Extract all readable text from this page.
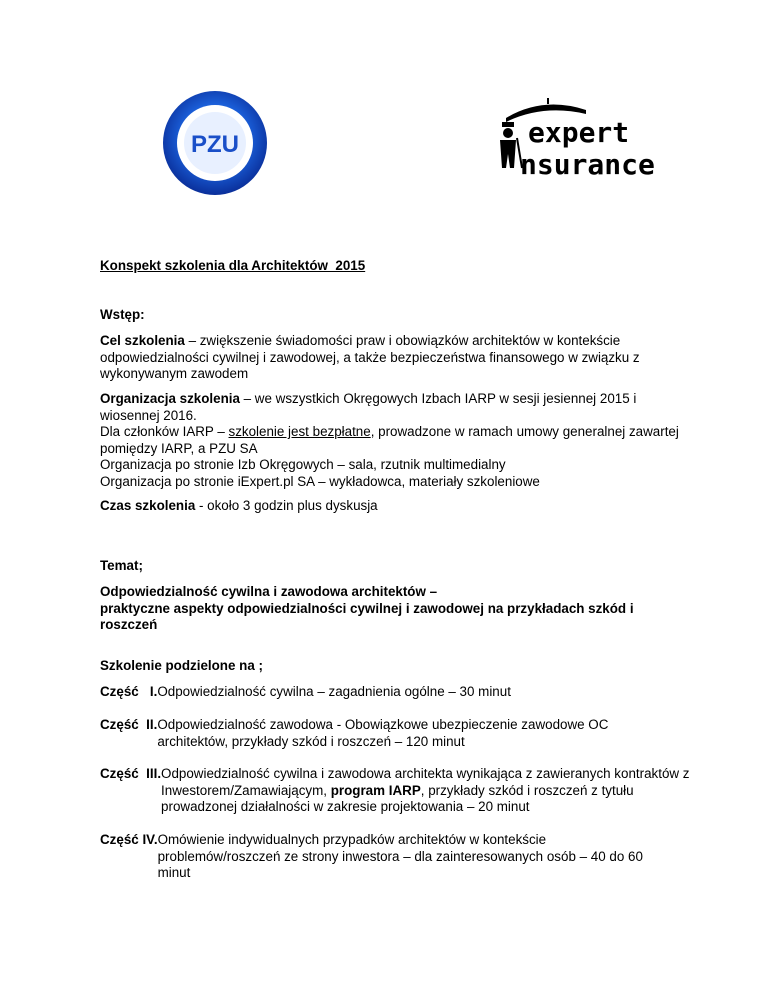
PZU	expert
nsurance
Konspekt szkolenia dla Architektów_2015
Wstęp:

Cel szkolenia – zwiększenie świadomości praw i obowiązków architektów w kontekście odpowiedzialności cywilnej i zawodowej, a także bezpieczeństwa finansowego w związku z wykonywanym zawodem

Organizacja szkolenia – we wszystkich Okręgowych Izbach IARP w sesji jesiennej 2015 i wiosennej 2016.

Dla członków IARP – szkolenie jest bezpłatne, prowadzone w ramach umowy generalnej zawartej pomiędzy IARP, a PZU SA

Organizacja po stronie Izb Okręgowych – sala, rzutnik multimedialny

Organizacja po stronie iExpert.pl SA – wykładowca, materiały szkoleniowe

Czas szkolenia - około 3 godzin plus dyskusja

Temat;

Odpowiedzialność cywilna i zawodowa architektów –

praktyczne aspekty odpowiedzialności cywilnej i zawodowej na przykładach szkód i roszczeń

Szkolenie podzielone na ;
Część I. Odpowiedzialność cywilna – zagadnienia ogólne – 30 minut
Część II. Odpowiedzialność zawodowa - Obowiązkowe ubezpieczenie zawodowe OC architektów, przykłady szkód i roszczeń – 120 minut
Część III. Odpowiedzialność cywilna i zawodowa architekta wynikająca z zawieranych kontraktów z Inwestorem/Zamawiającym, program IARP, przykłady szkód i roszczeń z tytułu prowadzonej działalności w zakresie projektowania – 20 minut
Część IV. Omówienie indywidualnych przypadków architektów w kontekście problemów/roszczeń ze strony inwestora – dla zainteresowanych osób – 40 do 60 minut
